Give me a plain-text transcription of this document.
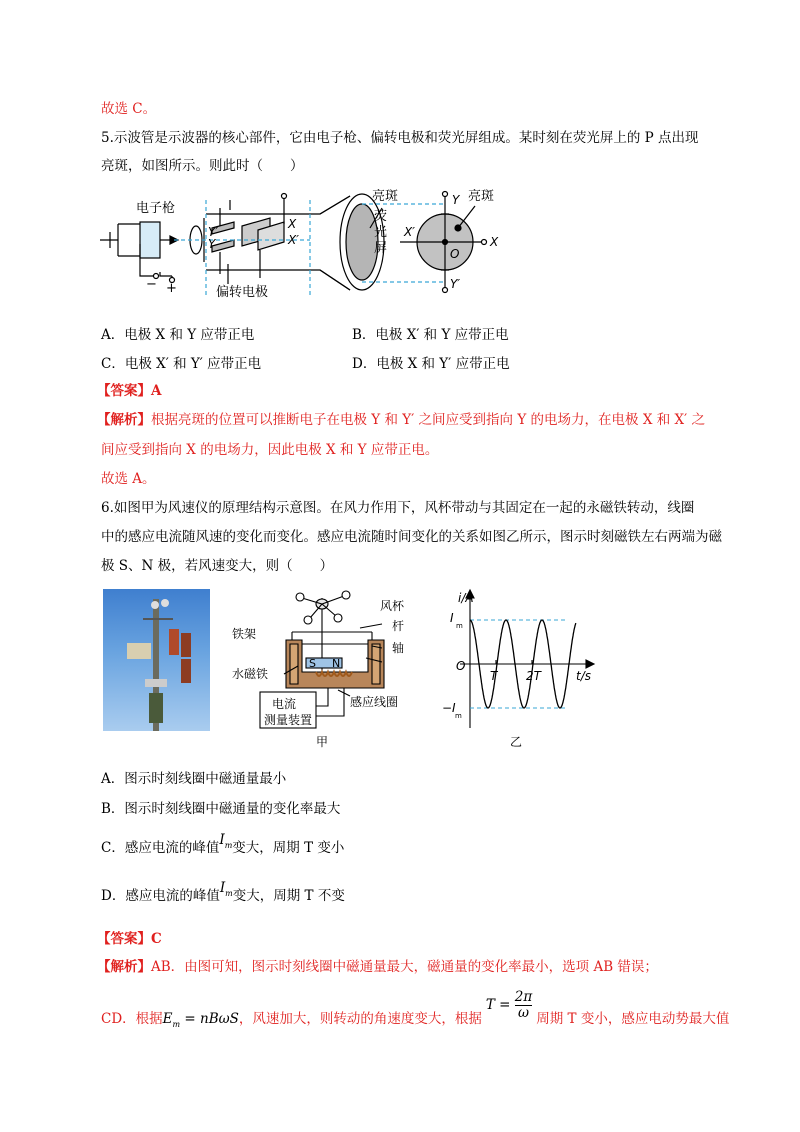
故选 C。
5.示波管是示波器的核心部件，它由电子枪、偏转电极和荧光屏组成。某时刻在荧光屏上的 P 点出现
亮斑，如图所示。则此时（　　）
电子枪
偏转电极
亮斑	亮斑
荧
光
屏
− +
Y′
Y
X
X′
Y
Y′
X
X′
O
A．电极 X 和 Y 应带正电	B．电极 X′ 和 Y 应带正电
C．电极 X′ 和 Y′ 应带正电	D．电极 X 和 Y′ 应带正电
【答案】A
【解析】根据亮斑的位置可以推断电子在电极 Y 和 Y′ 之间应受到指向 Y 的电场力，在电极 X 和 X′ 之
间应受到指向 X 的电场力，因此电极 X 和 Y 应带正电。
故选 A。
6.如图甲为风速仪的原理结构示意图。在风力作用下，风杯带动与其固定在一起的永磁铁转动，线圈
中的感应电流随风速的变化而变化。感应电流随时间变化的关系如图乙所示，图示时刻磁铁左右两端为磁
极 S、N 极，若风速变大，则（　　）
风杯
杆
轴
铁架
水磁铁
感应线圈
电流
测量装置
S N
甲
i/A
I
m
−I
m
O
T 2T	t/s
乙
A．图示时刻线圈中磁通量最小
B．图示时刻线圈中磁通量的变化率最大
C．感应电流的峰值$I_m$变大，周期 T 变小
D．感应电流的峰值$I_m$变大，周期 T 不变
【答案】C
【解析】AB．由图可知，图示时刻线圈中磁通量最大，磁通量的变化率最小，选项 AB 错误；
CD．根据$E_m = nB\omega S$，风速加大，则转动的角速度变大，根据$T = \frac{2\pi}{\omega}$ 周期 T 变小，感应电动势最大值
